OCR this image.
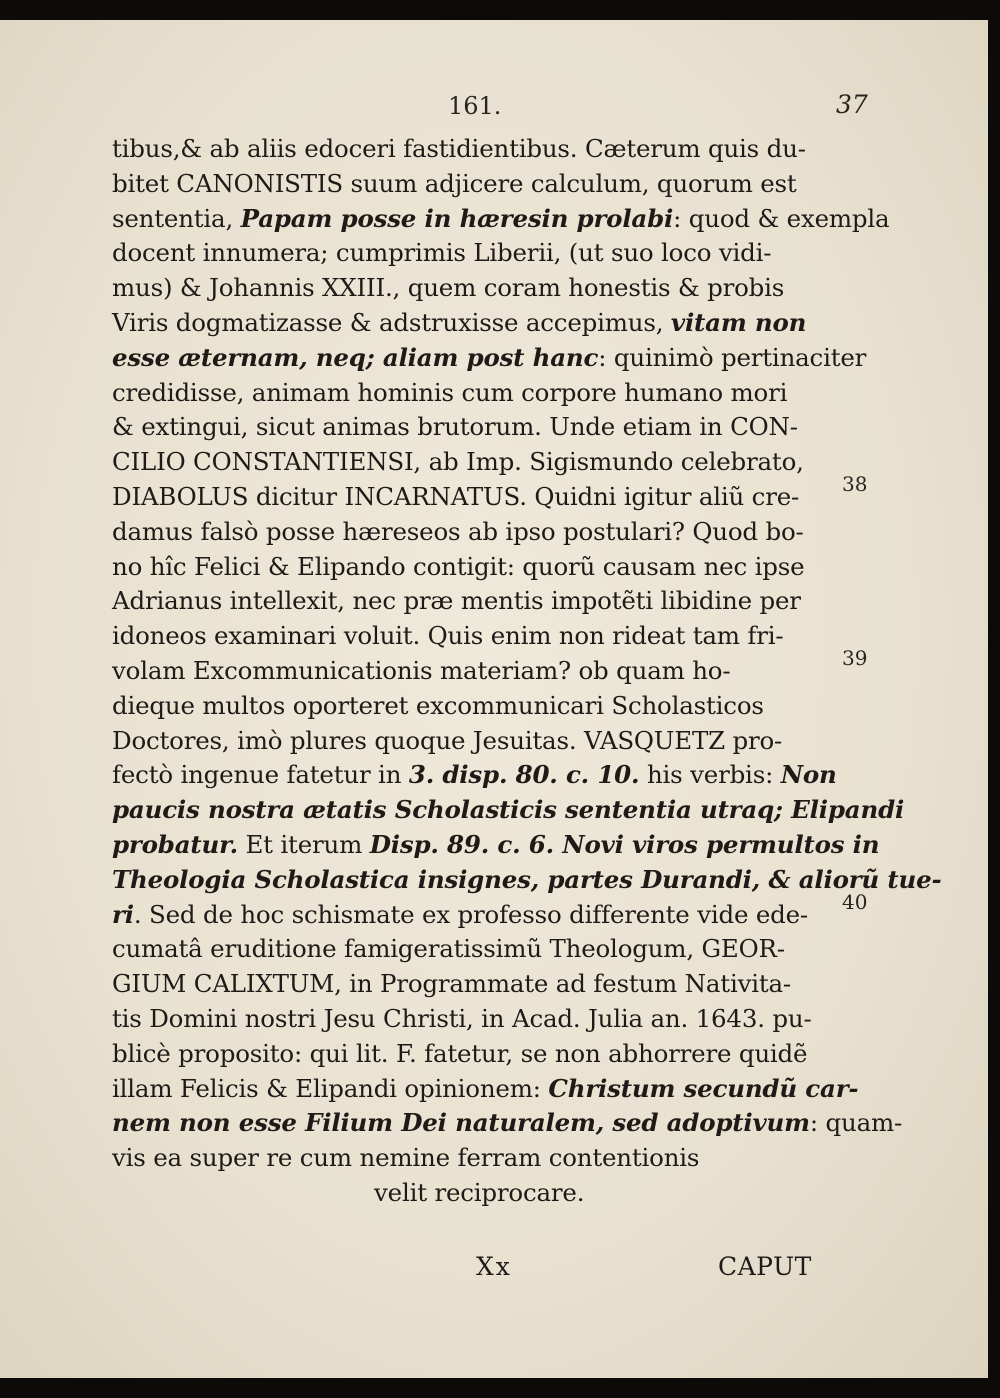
161.	37
tibus,& ab aliis edoceri fastidientibus. Cæterum quis du-
bitet CANONISTIS suum adjicere calculum, quorum est
sententia, Papam posse in hæresin prolabi: quod & exempla
docent innumera; cumprimis Liberii, (ut suo loco vidi-
mus) & Johannis XXIII., quem coram honestis & probis
Viris dogmatizasse & adstruxisse accepimus, vitam non
esse æternam, neq; aliam post hanc: quinimò pertinaciter
credidisse, animam hominis cum corpore humano mori
& extingui, sicut animas brutorum. Unde etiam in CON-
CILIO CONSTANTIENSI, ab Imp. Sigismundo celebrato,
DIABOLUS dicitur INCARNATUS. Quidni igitur aliũ cre-
damus falsò posse hæreseos ab ipso postulari? Quod bo-
no hîc Felici & Elipando contigit: quorũ causam nec ipse
Adrianus intellexit, nec præ mentis impotẽti libidine per
idoneos examinari voluit. Quis enim non rideat tam fri-
volam Excommunicationis materiam? ob quam ho-
dieque multos oporteret excommunicari Scholasticos
Doctores, imò plures quoque Jesuitas. VASQUETZ pro-
fectò ingenue fatetur in 3. disp. 80. c. 10. his verbis: Non
paucis nostra ætatis Scholasticis sententia utraq; Elipandi
probatur. Et iterum Disp. 89. c. 6. Novi viros permultos in
Theologia Scholastica insignes, partes Durandi, & aliorũ tue-
ri. Sed de hoc schismate ex professo differente vide ede-
cumatâ eruditione famigeratissimũ Theologum, GEOR-
GIUM CALIXTUM, in Programmate ad festum Nativita-
tis Domini nostri Jesu Christi, in Acad. Julia an. 1643. pu-
blicè proposito: qui lit. F. fatetur, se non abhorrere quidẽ
illam Felicis & Elipandi opinionem: Christum secundũ car-
nem non esse Filium Dei naturalem, sed adoptivum: quam-
vis ea super re cum nemine ferram contentionis
velit reciprocare.
38
39
40
Xx	CAPUT
